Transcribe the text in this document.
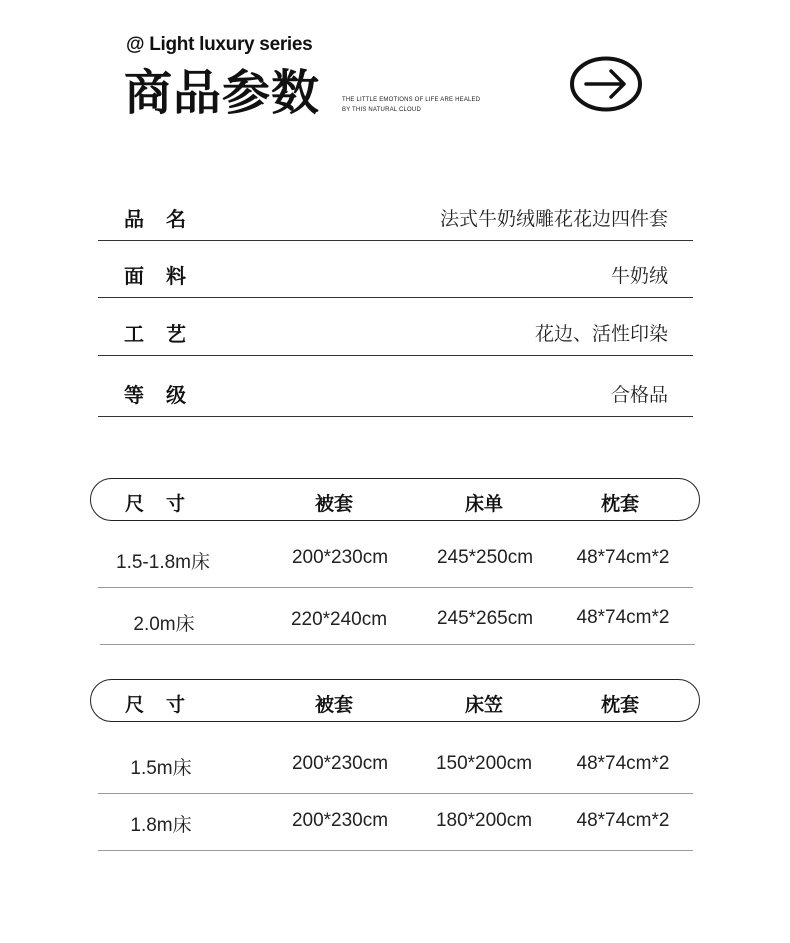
@ Light luxury series
商品参数	THE LITTLE EMOTIONS OF LIFE ARE HEALED
BY THIS NATURAL CLOUD
品名	法式牛奶绒雕花花边四件套
面料	牛奶绒
工艺	花边、活性印染
等级	合格品
尺寸	被套	床单	枕套
1.5-1.8m床	200*230cm	245*250cm 48*74cm*2
2.0m床	220*240cm	245*265cm 48*74cm*2
尺寸	被套	床笠	枕套
1.5m床	200*230cm	150*200cm 48*74cm*2
1.8m床	200*230cm	180*200cm 48*74cm*2
